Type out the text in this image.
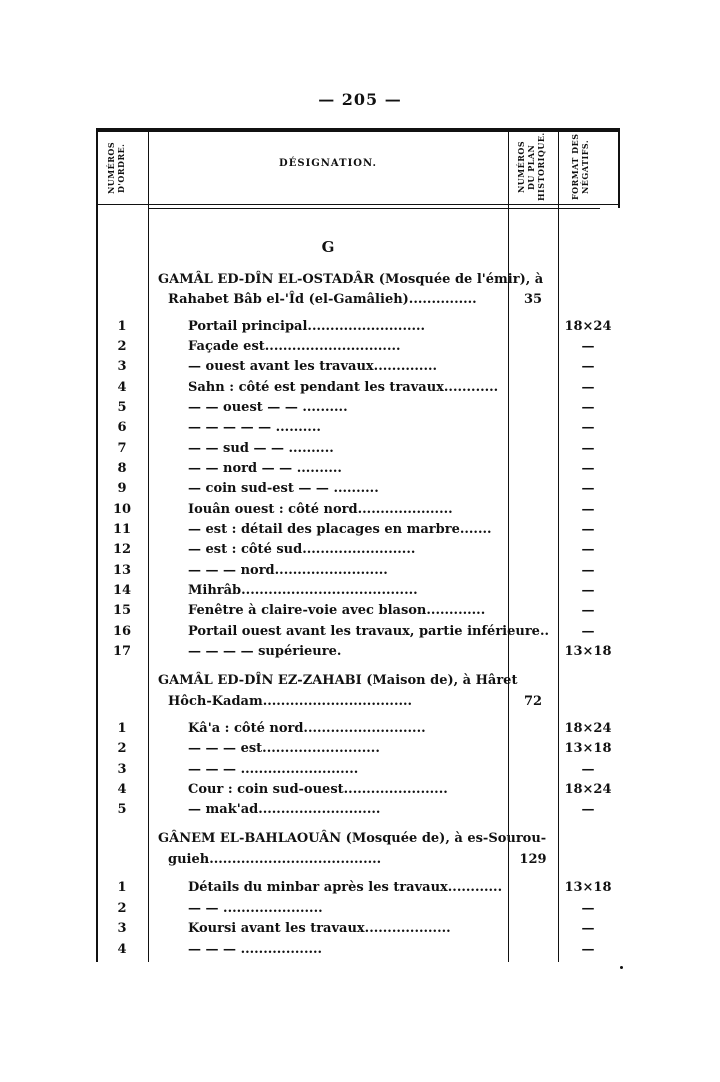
— 205 —
NUMÉROS D'ORDRE.	DÉSIGNATION.	NUMÉROS DU PLAN HISTORIQUE.	FORMAT DES NÉGATIFS.
G
GAMÂL ED-DÎN EL-OSTADÂR (Mosquée de l'émir), à
Rahabet Bâb el-'Îd (el-Gamâlieh)...............	35
1	Portail principal..........................	18×24
2	Façade est..............................	—
3	— ouest avant les travaux..............	—
4	Sahn : côté est pendant les travaux............	—
5	— — ouest — — ..........	—
6	— — — — — ..........	—
7	— — sud — — ..........	—
8	— — nord — — ..........	—
9	— coin sud-est — — ..........	—
10	Iouân ouest : côté nord.....................	—
11	— est : détail des placages en marbre.......	—
12	— est : côté sud.........................	—
13	— — — nord.........................	—
14	Mihrâb.......................................	—
15	Fenêtre à claire-voie avec blason.............	—
16	Portail ouest avant les travaux, partie inférieure..	—
17	— — — — supérieure.	13×18
GAMÂL ED-DÎN EZ-ZAHABI (Maison de), à Hâret
Hôch-Kadam.................................	72
1	Kâ'a : côté nord...........................	18×24
2	— — — est..........................	13×18
3	— — — ..........................	—
4	Cour : coin sud-ouest.......................	18×24
5	— mak'ad...........................	—
GÂNEM EL-BAHLAOUÂN (Mosquée de), à es-Sourou-
guieh......................................	129
1	Détails du minbar après les travaux............	13×18
2	— — ......................	—
3	Koursi avant les travaux...................	—
4	— — — ..................	—
